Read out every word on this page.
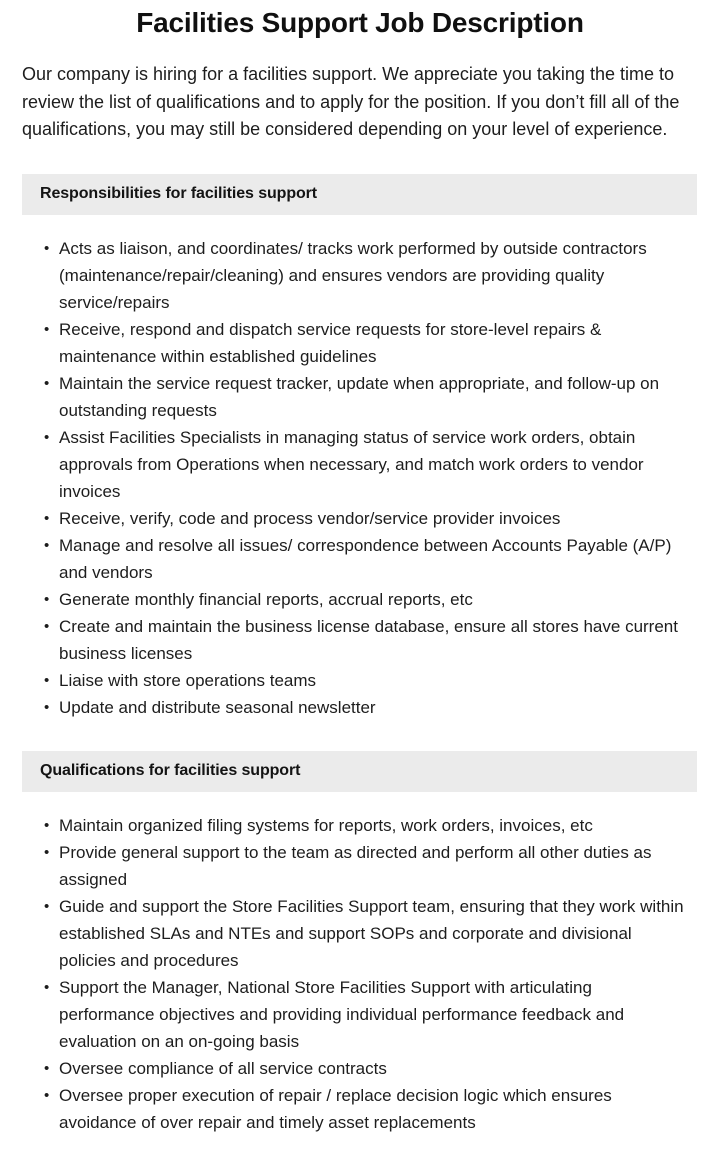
Facilities Support Job Description

Our company is hiring for a facilities support. We appreciate you taking the time to review the list of qualifications and to apply for the position. If you don’t fill all of the qualifications, you may still be considered depending on your level of experience.

Responsibilities for facilities support
• Acts as liaison, and coordinates/ tracks work performed by outside contractors (maintenance/repair/cleaning) and ensures vendors are providing quality service/repairs
• Receive, respond and dispatch service requests for store-level repairs & maintenance within established guidelines
• Maintain the service request tracker, update when appropriate, and follow-up on outstanding requests
• Assist Facilities Specialists in managing status of service work orders, obtain approvals from Operations when necessary, and match work orders to vendor invoices
• Receive, verify, code and process vendor/service provider invoices
• Manage and resolve all issues/ correspondence between Accounts Payable (A/P) and vendors
• Generate monthly financial reports, accrual reports, etc
• Create and maintain the business license database, ensure all stores have current business licenses
• Liaise with store operations teams
• Update and distribute seasonal newsletter
Qualifications for facilities support
• Maintain organized filing systems for reports, work orders, invoices, etc
• Provide general support to the team as directed and perform all other duties as assigned
• Guide and support the Store Facilities Support team, ensuring that they work within established SLAs and NTEs and support SOPs and corporate and divisional policies and procedures
• Support the Manager, National Store Facilities Support with articulating performance objectives and providing individual performance feedback and evaluation on an on-going basis
• Oversee compliance of all service contracts
• Oversee proper execution of repair / replace decision logic which ensures avoidance of over repair and timely asset replacements
